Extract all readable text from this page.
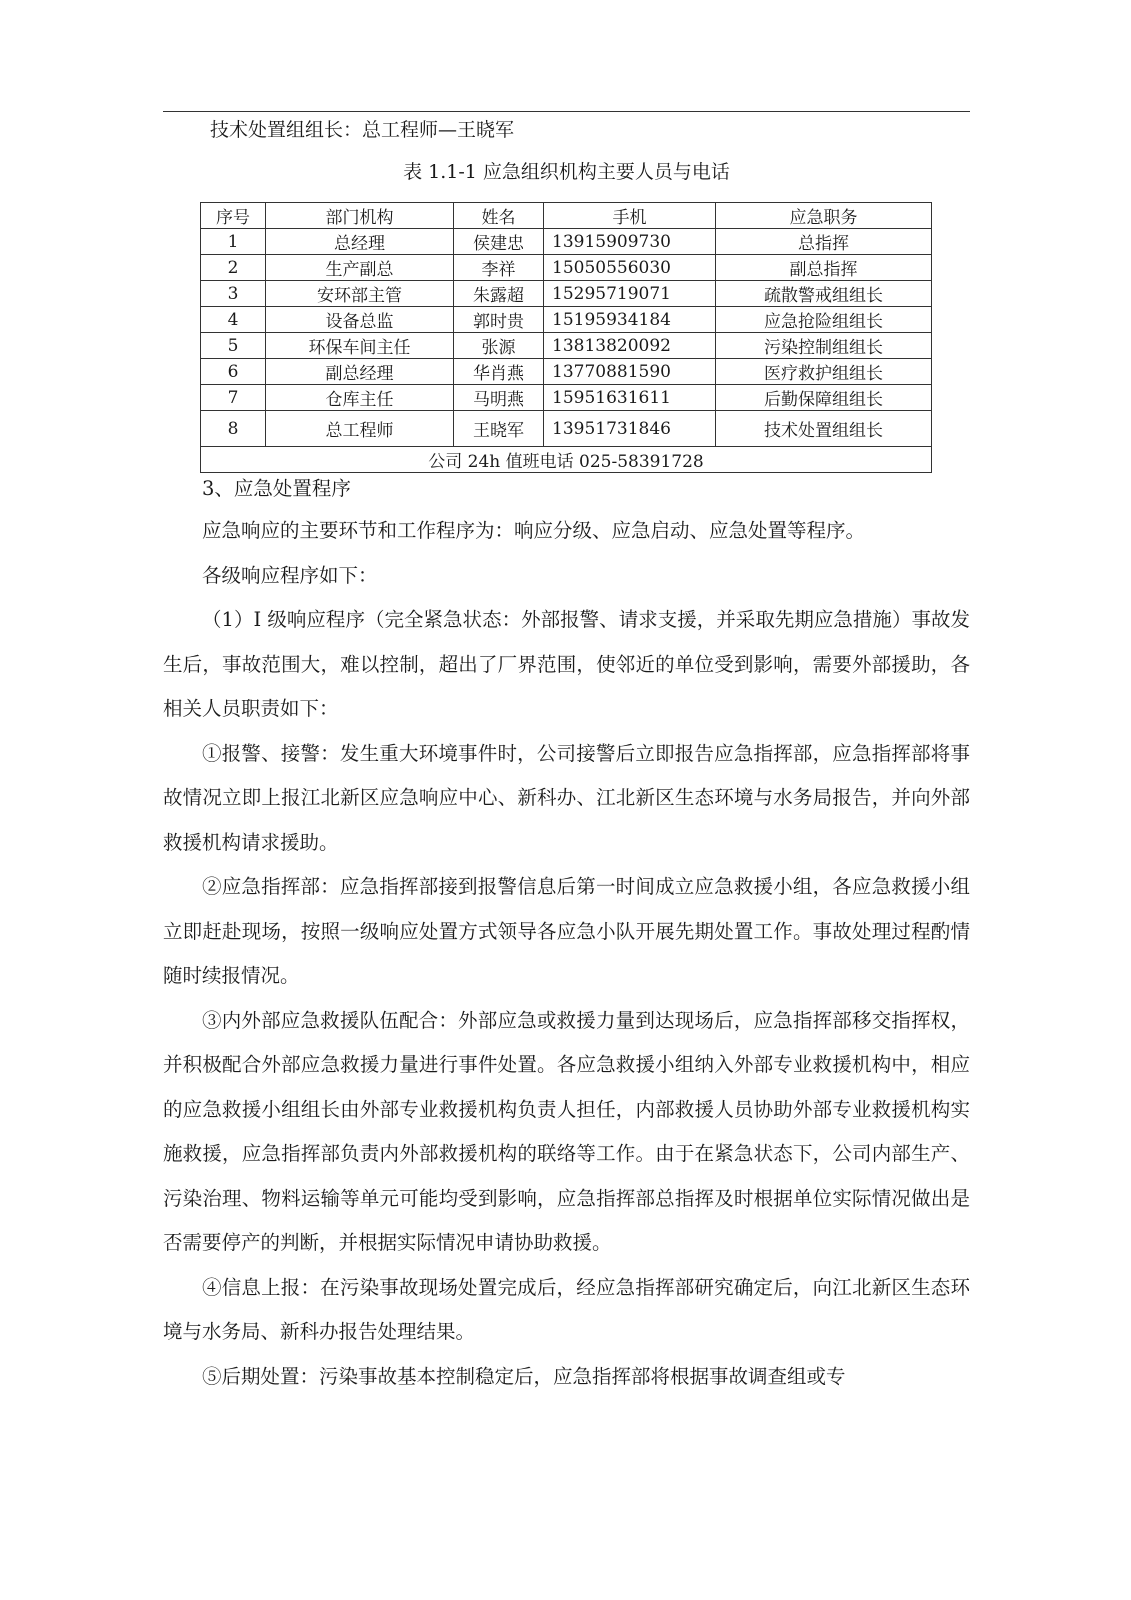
技术处置组组长：总工程师—王晓军
表 1.1-1 应急组织机构主要人员与电话
序号	部门机构	姓名	手机	应急职务
1	总经理	侯建忠	13915909730	总指挥
2	生产副总	李祥	15050556030	副总指挥
3	安环部主管	朱露超	15295719071	疏散警戒组组长
4	设备总监	郭时贵	15195934184	应急抢险组组长
5	环保车间主任	张源	13813820092	污染控制组组长
6	副总经理	华肖燕	13770881590	医疗救护组组长
7	仓库主任	马明燕	15951631611	后勤保障组组长
8	总工程师	王晓军	13951731846	技术处置组组长
公司 24h 值班电话 025-58391728				

3、应急处置程序

应急响应的主要环节和工作程序为：响应分级、应急启动、应急处置等程序。

各级响应程序如下：

（1）I 级响应程序（完全紧急状态：外部报警、请求支援，并采取先期应急措施）事故发生后，事故范围大，难以控制，超出了厂界范围，使邻近的单位受到影响，需要外部援助，各相关人员职责如下：

①报警、接警：发生重大环境事件时，公司接警后立即报告应急指挥部，应急指挥部将事故情况立即上报江北新区应急响应中心、新科办、江北新区生态环境与水务局报告，并向外部救援机构请求援助。

②应急指挥部：应急指挥部接到报警信息后第一时间成立应急救援小组，各应急救援小组立即赶赴现场，按照一级响应处置方式领导各应急小队开展先期处置工作。事故处理过程酌情随时续报情况。

③内外部应急救援队伍配合：外部应急或救援力量到达现场后，应急指挥部移交指挥权，并积极配合外部应急救援力量进行事件处置。各应急救援小组纳入外部专业救援机构中，相应的应急救援小组组长由外部专业救援机构负责人担任，内部救援人员协助外部专业救援机构实施救援，应急指挥部负责内外部救援机构的联络等工作。由于在紧急状态下，公司内部生产、污染治理、物料运输等单元可能均受到影响，应急指挥部总指挥及时根据单位实际情况做出是否需要停产的判断，并根据实际情况申请协助救援。

④信息上报：在污染事故现场处置完成后，经应急指挥部研究确定后，向江北新区生态环境与水务局、新科办报告处理结果。

⑤后期处置：污染事故基本控制稳定后，应急指挥部将根据事故调查组或专
